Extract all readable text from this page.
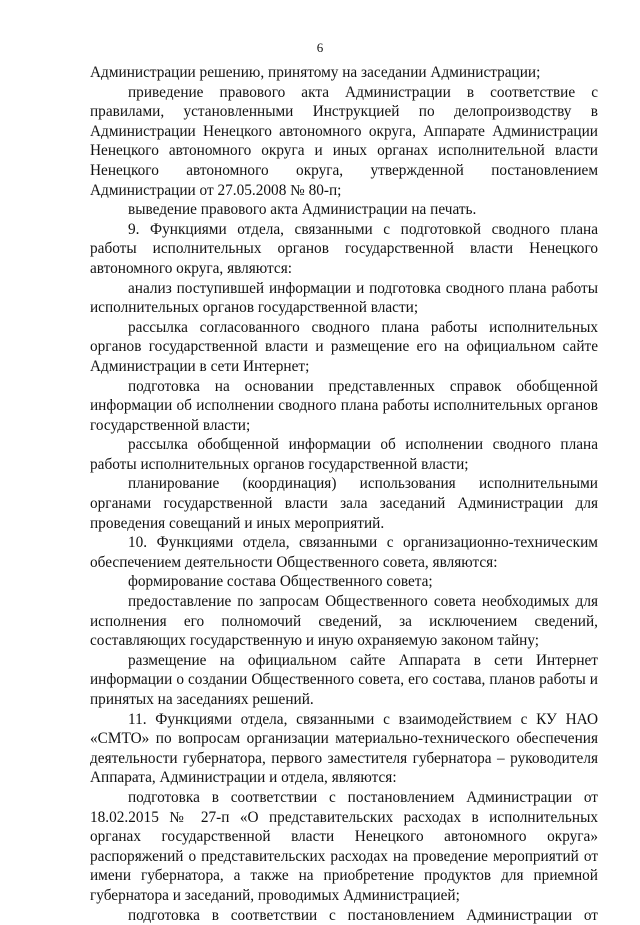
6

Администрации решению, принятому на заседании Администрации;

приведение правового акта Администрации в соответствие с правилами, установленными Инструкцией по делопроизводству в Администрации Ненецкого автономного округа, Аппарате Администрации Ненецкого автономного округа и иных органах исполнительной власти Ненецкого автономного округа, утвержденной постановлением Администрации от 27.05.2008 № 80-п;

выведение правового акта Администрации на печать.

9. Функциями отдела, связанными с подготовкой сводного плана работы исполнительных органов государственной власти Ненецкого автономного округа, являются:

анализ поступившей информации и подготовка сводного плана работы исполнительных органов государственной власти;

рассылка согласованного сводного плана работы исполнительных органов государственной власти и размещение его на официальном сайте Администрации в сети Интернет;

подготовка на основании представленных справок обобщенной информации об исполнении сводного плана работы исполнительных органов государственной власти;

рассылка обобщенной информации об исполнении сводного плана работы исполнительных органов государственной власти;

планирование (координация) использования исполнительными органами государственной власти зала заседаний Администрации для проведения совещаний и иных мероприятий.

10. Функциями отдела, связанными с организационно-техническим обеспечением деятельности Общественного совета, являются:

формирование состава Общественного совета;

предоставление по запросам Общественного совета необходимых для исполнения его полномочий сведений, за исключением сведений, составляющих государственную и иную охраняемую законом тайну;

размещение на официальном сайте Аппарата в сети Интернет информации о создании Общественного совета, его состава, планов работы и принятых на заседаниях решений.

11. Функциями отдела, связанными с взаимодействием с КУ НАО «СМТО» по вопросам организации материально-технического обеспечения деятельности губернатора, первого заместителя губернатора – руководителя Аппарата, Администрации и отдела, являются:

подготовка в соответствии с постановлением Администрации от 18.02.2015 № 27-п «О представительских расходах в исполнительных органах государственной власти Ненецкого автономного округа» распоряжений о представительских расходах на проведение мероприятий от имени губернатора, а также на приобретение продуктов для приемной губернатора и заседаний, проводимых Администрацией;

подготовка в соответствии с постановлением Администрации от
